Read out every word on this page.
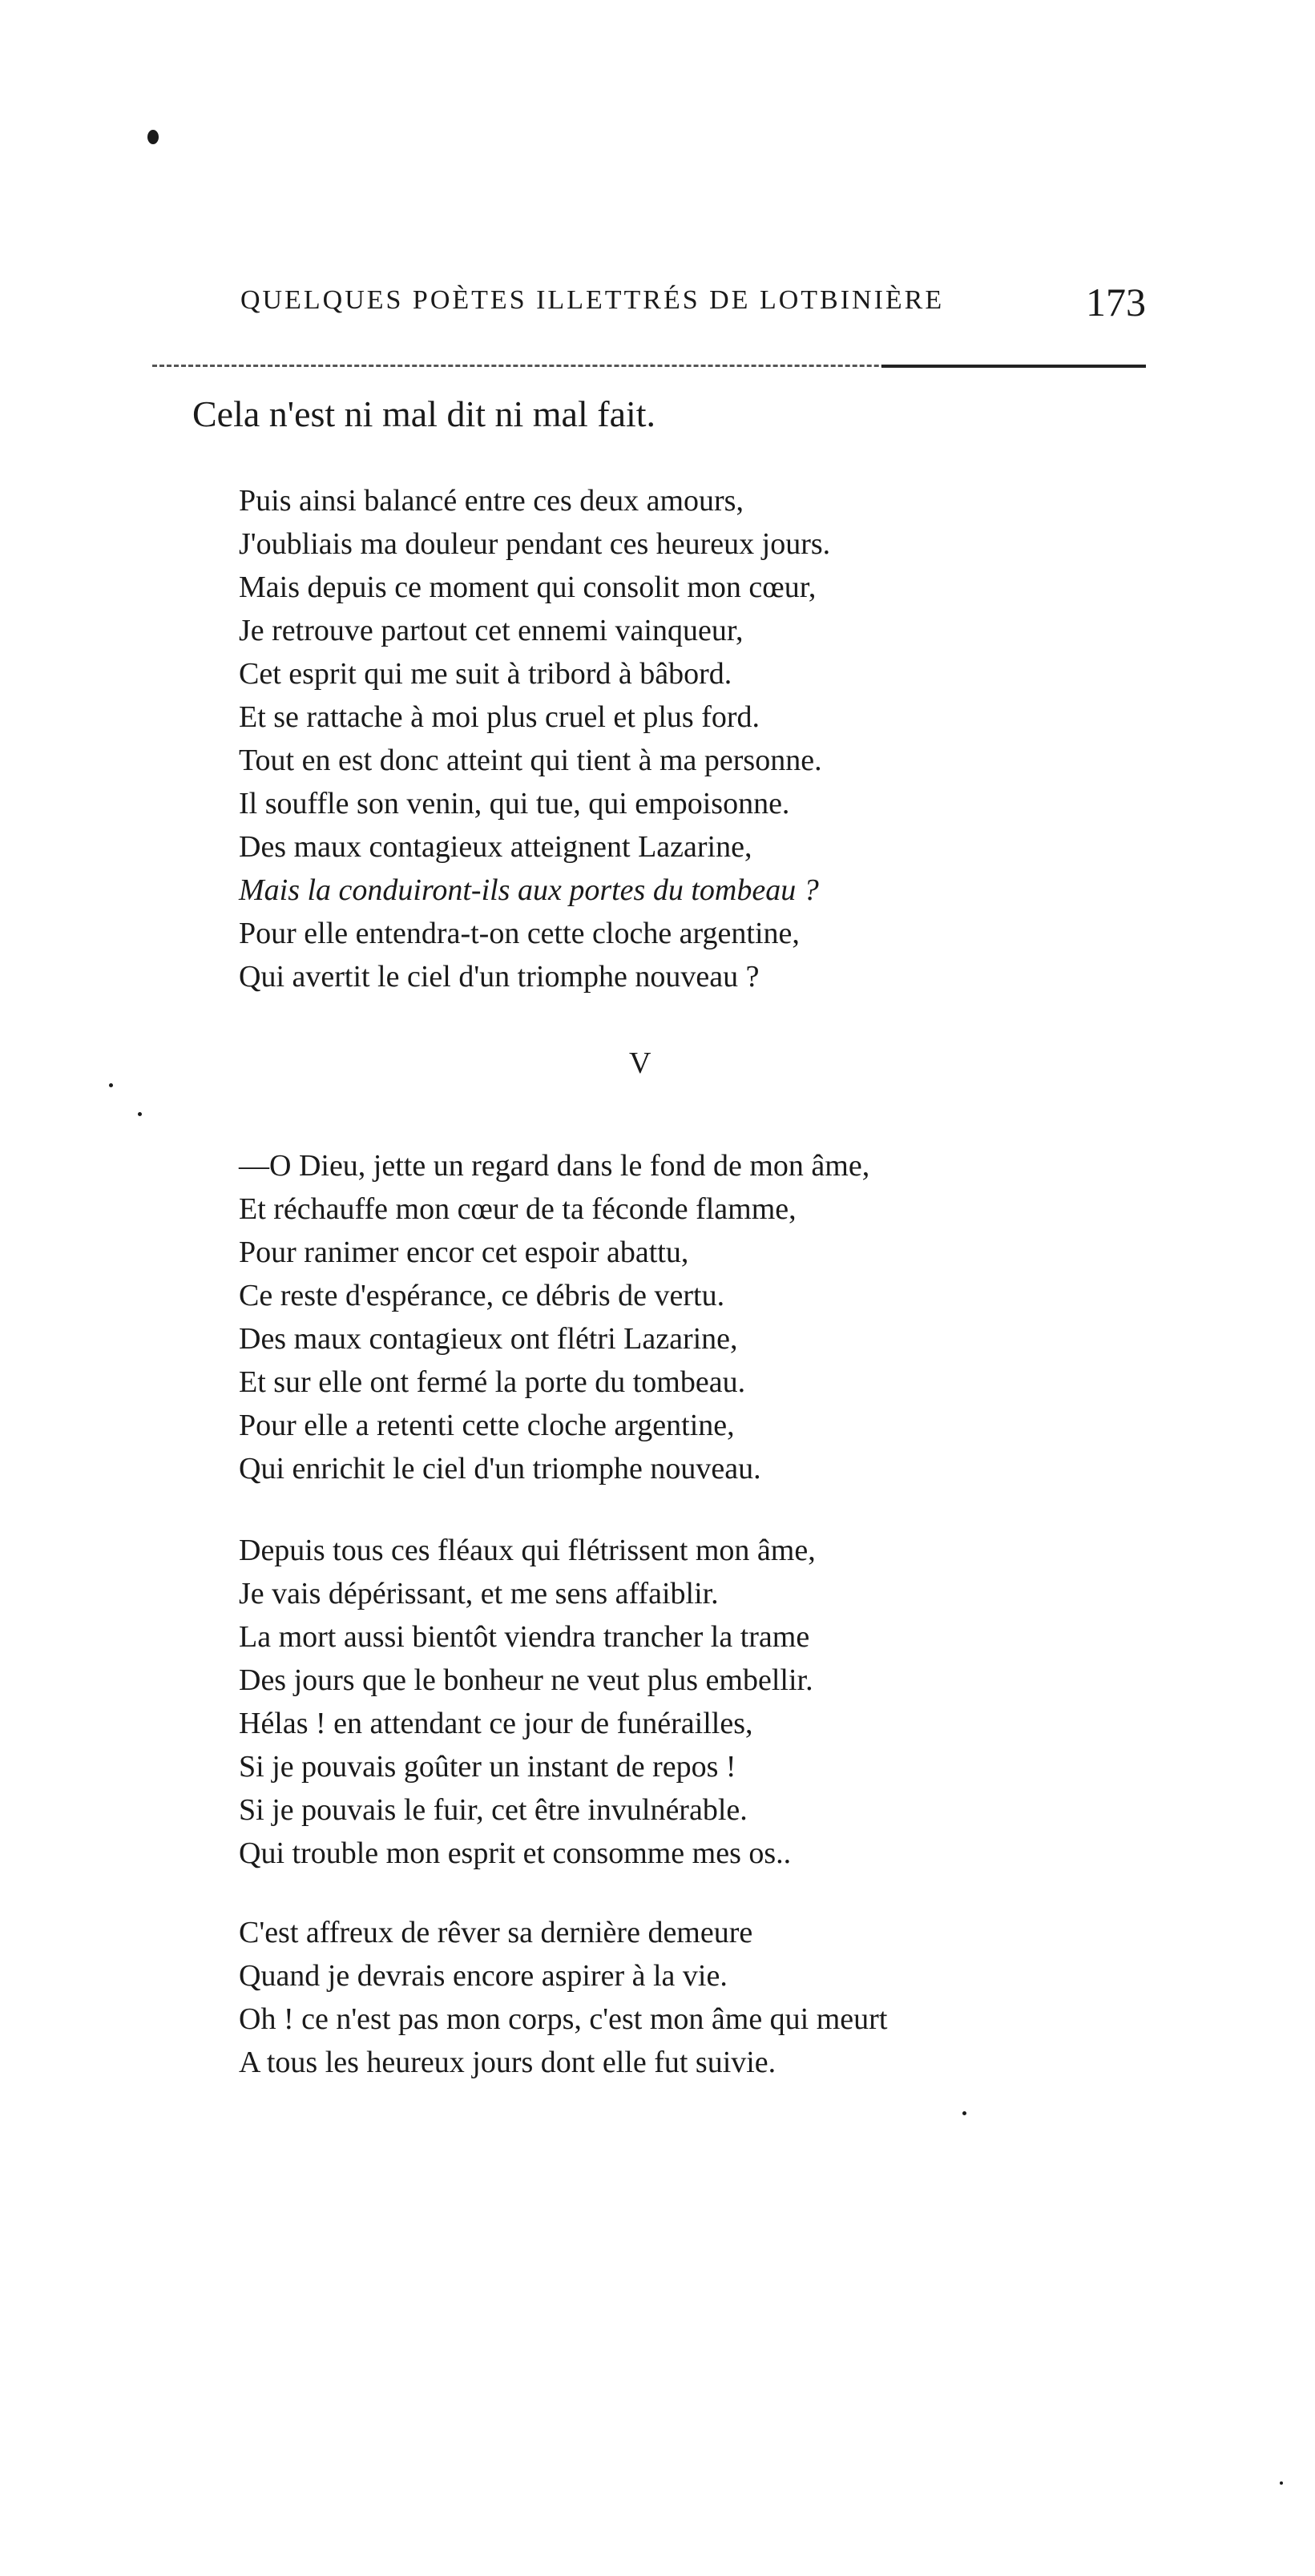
QUELQUES POÈTES ILLETTRÉS DE LOTBINIÈRE	173
Cela n'est ni mal dit ni mal fait.
Puis ainsi balancé entre ces deux amours,
J'oubliais ma douleur pendant ces heureux jours.
Mais depuis ce moment qui consolit mon cœur,
Je retrouve partout cet ennemi vainqueur,
Cet esprit qui me suit à tribord à bâbord.
Et se rattache à moi plus cruel et plus ford.
Tout en est donc atteint qui tient à ma personne.
Il souffle son venin, qui tue, qui empoisonne.
Des maux contagieux atteignent Lazarine,
Mais la conduiront-ils aux portes du tombeau ?
Pour elle entendra-t-on cette cloche argentine,
Qui avertit le ciel d'un triomphe nouveau ?
V
—O Dieu, jette un regard dans le fond de mon âme,
Et réchauffe mon cœur de ta féconde flamme,
Pour ranimer encor cet espoir abattu,
Ce reste d'espérance, ce débris de vertu.
Des maux contagieux ont flétri Lazarine,
Et sur elle ont fermé la porte du tombeau.
Pour elle a retenti cette cloche argentine,
Qui enrichit le ciel d'un triomphe nouveau.
Depuis tous ces fléaux qui flétrissent mon âme,
Je vais dépérissant, et me sens affaiblir.
La mort aussi bientôt viendra trancher la trame
Des jours que le bonheur ne veut plus embellir.
Hélas ! en attendant ce jour de funérailles,
Si je pouvais goûter un instant de repos !
Si je pouvais le fuir, cet être invulnérable.
Qui trouble mon esprit et consomme mes os..
C'est affreux de rêver sa dernière demeure
Quand je devrais encore aspirer à la vie.
Oh ! ce n'est pas mon corps, c'est mon âme qui meurt
A tous les heureux jours dont elle fut suivie.
